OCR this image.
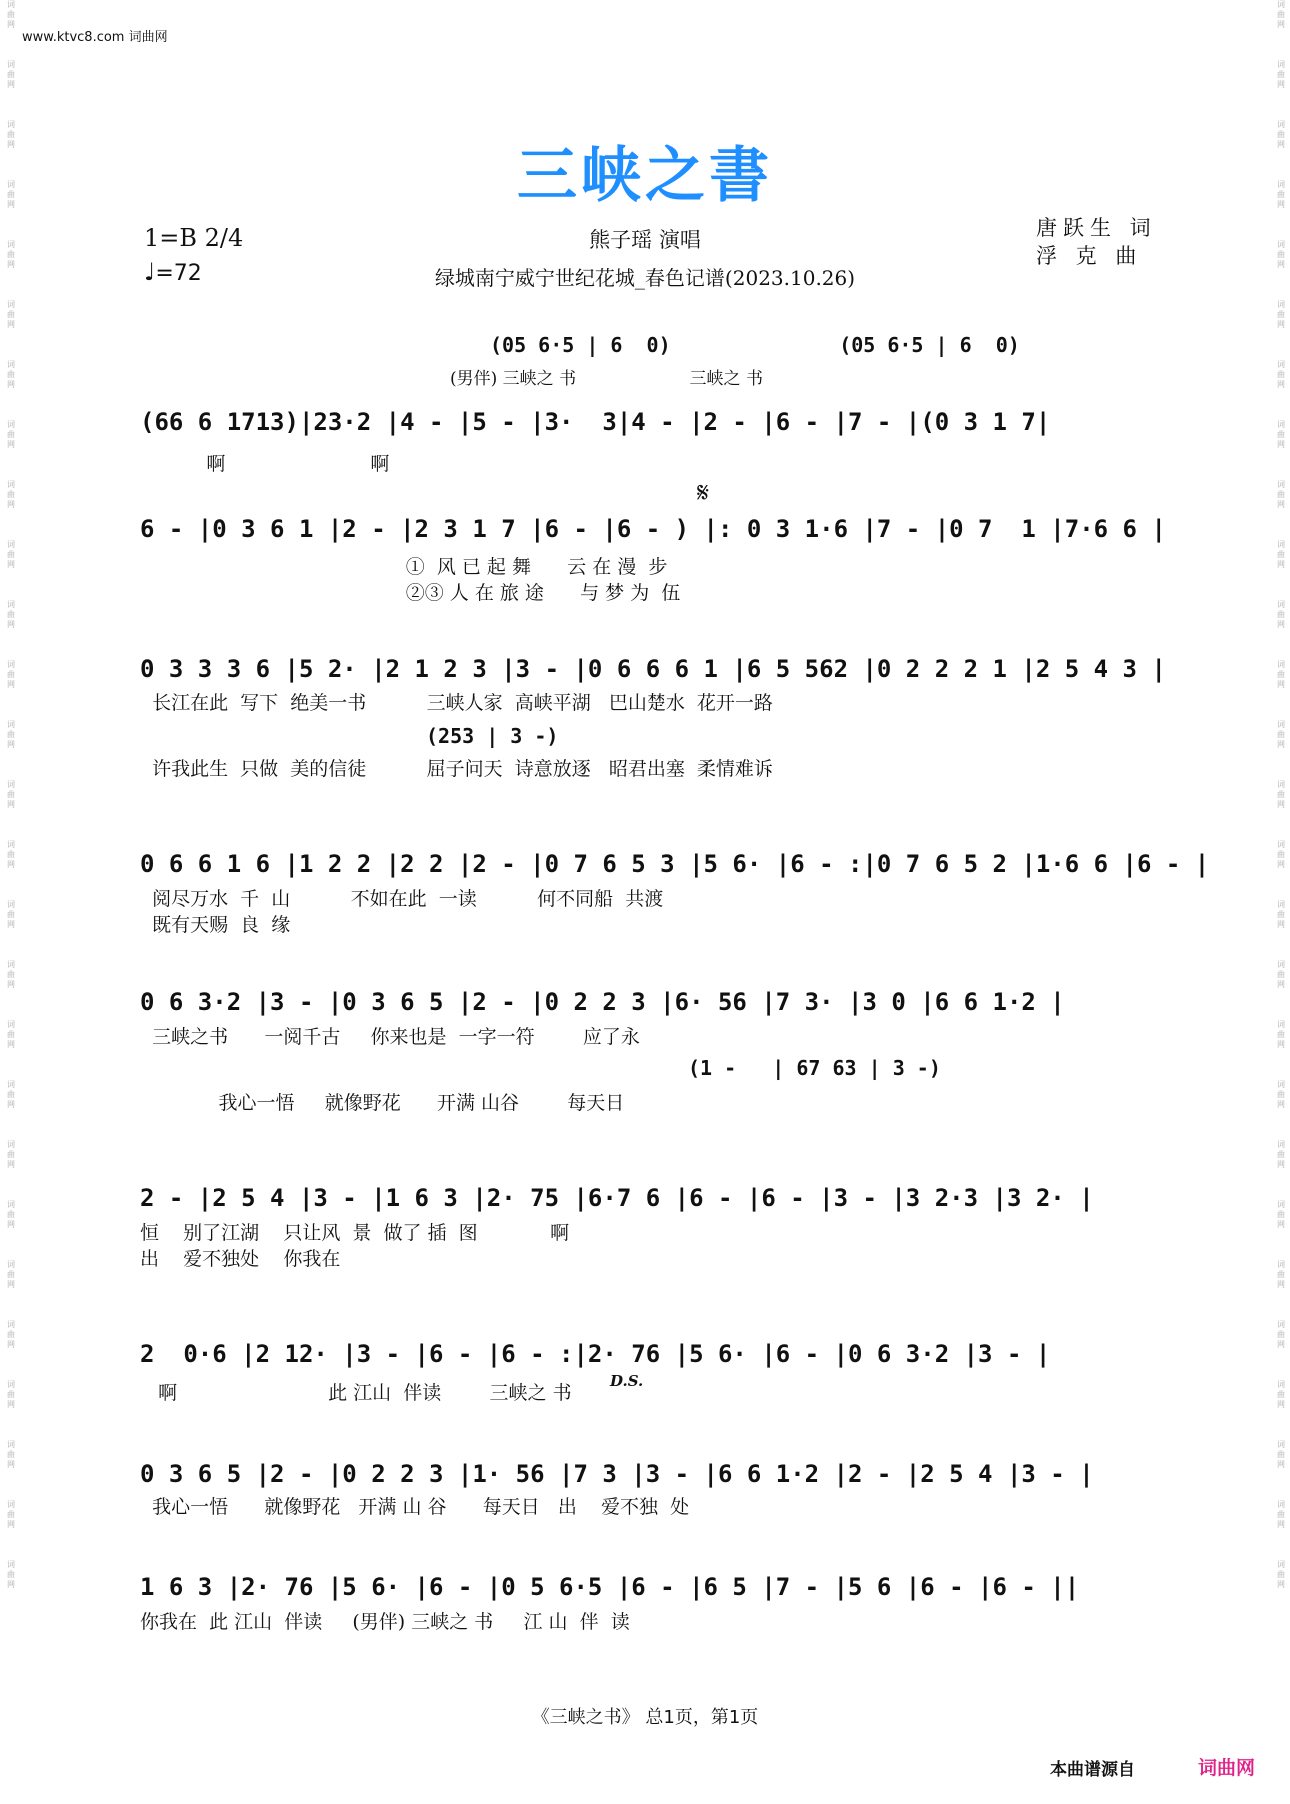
www.ktvc8.com 词曲网
词曲网
词曲网
词曲网
词曲网
词曲网
词曲网
词曲网
词曲网
词曲网
词曲网
词曲网
词曲网
词曲网
词曲网
词曲网
词曲网
词曲网
词曲网
词曲网
词曲网
词曲网
词曲网
词曲网
词曲网
词曲网
词曲网
词曲网
词曲网
词曲网
词曲网
词曲网
词曲网
词曲网
词曲网
词曲网
词曲网
词曲网
词曲网
词曲网
词曲网
词曲网
词曲网
词曲网
词曲网
词曲网
词曲网
词曲网
词曲网
词曲网
词曲网
词曲网
词曲网
词曲网
词曲网
三峡之書
1=B 2/4
♩=72
熊子瑶 演唱
绿城南宁威宁世纪花城_春色记谱(2023.10.26)
唐跃生 词
浮 克 曲
(05 6·5 | 6  0)              (05 6·5 | 6  0)
(男伴) 三峡之 书                     三峡之 书
(66 6 1713)|23·2 |4 - |5 - |3·  3|4 - |2 - |6 - |7 - |(0 3 1 7|
啊                        啊
𝄋
6 - |0 3 6 1 |2 - |2 3 1 7 |6 - |6 - ) |: 0 3 1·6 |7 - |0 7  1 |7·6 6 |
①  风 已 起 舞      云 在 漫  步
②③ 人 在 旅 途      与 梦 为  伍
0 3 3 3 6 |5 2· |2 1 2 3 |3 - |0 6 6 6 1 |6 5 562 |0 2 2 2 1 |2 5 4 3 |
长江在此  写下  绝美一书          三峡人家  高峡平湖   巴山楚水  花开一路
(253 | 3 -)
许我此生  只做  美的信徒          屈子问天  诗意放逐   昭君出塞  柔情难诉
0 6 6 1 6 |1 2 2 |2 2 |2 - |0 7 6 5 3 |5 6· |6 - :|0 7 6 5 2 |1·6 6 |6 - |
阅尽万水  千  山          不如在此  一读          何不同船  共渡
既有天赐  良  缘
0 6 3·2 |3 - |0 3 6 5 |2 - |0 2 2 3 |6· 56 |7 3· |3 0 |6 6 1·2 |
三峡之书      一阅千古     你来也是  一字一符        应了永
(1 -   | 67 63 | 3 -)
我心一悟     就像野花      开满 山谷        每天日
2 - |2 5 4 |3 - |1 6 3 |2· 75 |6·7 6 |6 - |6 - |3 - |3 2·3 |3 2· |
恒    别了江湖    只让风  景  做了 插  图            啊
出    爱不独处    你我在
2  0·6 |2 12· |3 - |6 - |6 - :|2· 76 |5 6· |6 - |0 6 3·2 |3 - |
啊                         此 江山  伴读        三峡之 书
D.S.
0 3 6 5 |2 - |0 2 2 3 |1· 56 |7 3 |3 - |6 6 1·2 |2 - |2 5 4 |3 - |
我心一悟      就像野花   开满 山 谷      每天日   出    爱不独  处
1 6 3 |2· 76 |5 6· |6 - |0 5 6·5 |6 - |6 5 |7 - |5 6 |6 - |6 - ||
你我在  此 江山  伴读     (男伴) 三峡之 书     江 山  伴  读
《三峡之书》 总1页，第1页
本曲谱源自	词曲网
